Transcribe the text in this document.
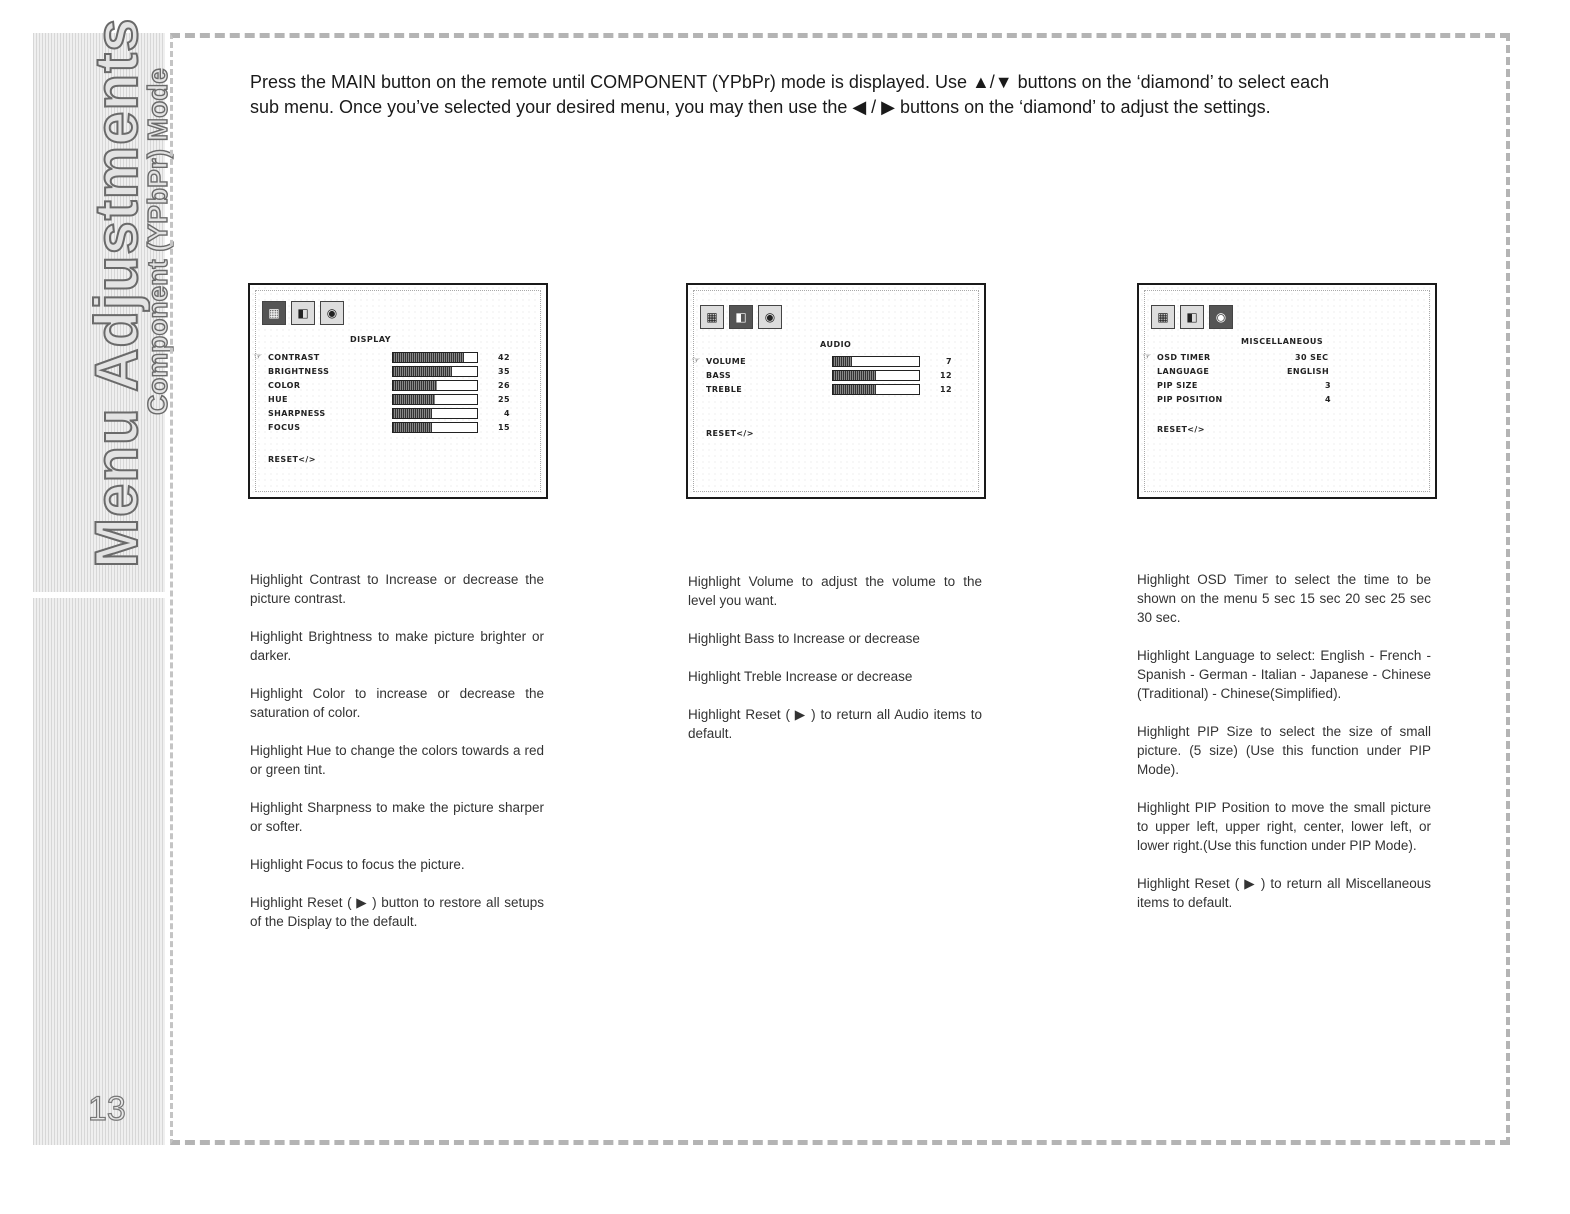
Menu Adjustments
Component (YPbPr) Mode
13
Press the MAIN button on the remote until COMPONENT (YPbPr) mode is displayed. Use ▲/▼ buttons on the ‘diamond’ to select each
sub menu. Once you’ve selected your desired menu, you may then use the ◀ / ▶ buttons on the ‘diamond’ to adjust the settings.
▦	◧	◉
DISPLAY
☞ CONTRAST	42
BRIGHTNESS	35
COLOR	26
HUE	25
SHARPNESS	4
FOCUS	15
RESET</>
▦	◧	◉
AUDIO
☞ VOLUME	7
BASS	12
TREBLE	12
RESET</>
▦	◧	◉
MISCELLANEOUS
☞ OSD TIMER	30 SEC
LANGUAGE	ENGLISH
PIP SIZE	3
PIP POSITION	4
RESET</>

Highlight Contrast to Increase or decrease the picture contrast.

Highlight Brightness to make picture brighter or darker.

Highlight Color to increase or decrease the saturation of color.

Highlight Hue to change the colors towards a red or green tint.

Highlight Sharpness to make the picture sharper or softer.

Highlight Focus to focus the picture.

Highlight Reset ( ▶ ) button to restore all setups of the Display to the default.

Highlight Volume to adjust the volume to the level you want.

Highlight Bass to Increase or decrease

Highlight Treble Increase or decrease

Highlight Reset ( ▶ ) to return all Audio items to default.

Highlight OSD Timer to select the time to be shown on the menu 5 sec 15 sec 20 sec 25 sec 30 sec.

Highlight Language to select: English - French - Spanish - German - Italian - Japanese - Chinese (Traditional) - Chinese(Simplified).

Highlight PIP Size to select the size of small picture. (5 size) (Use this function under PIP Mode).

Highlight PIP Position to move the small picture to upper left, upper right, center, lower left, or lower right.(Use this function under PIP Mode).

Highlight Reset ( ▶ ) to return all Miscellaneous items to default.
